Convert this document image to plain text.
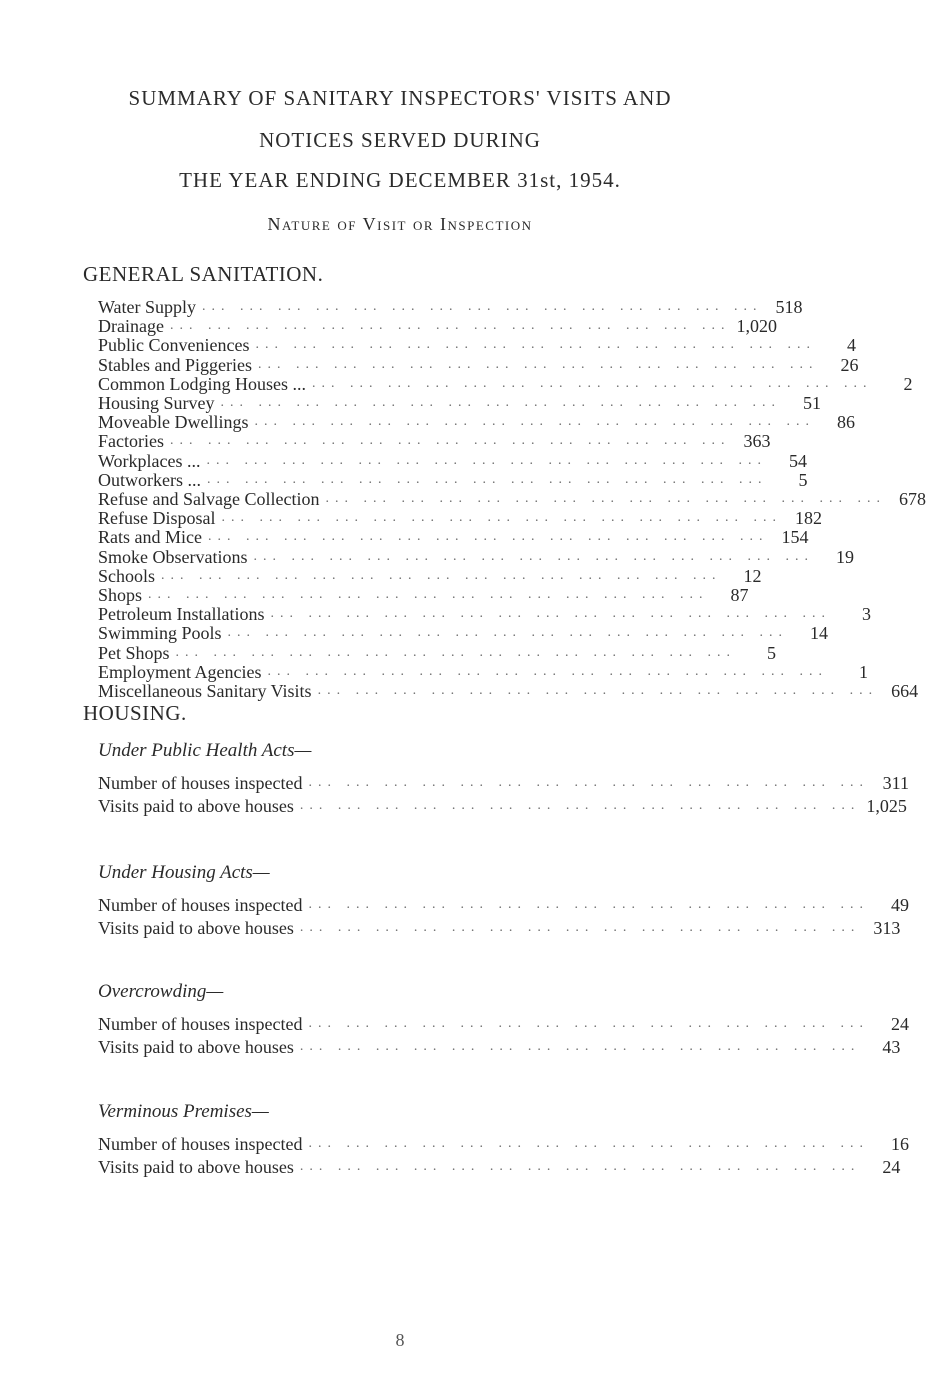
SUMMARY OF SANITARY INSPECTORS' VISITS AND
NOTICES SERVED DURING
THE YEAR ENDING DECEMBER 31st, 1954.
Nature of Visit or Inspection
GENERAL SANITATION.
Water Supply ... ... ... ... ... ... ... ... ... ... ... ... ... ... ... 518
Drainage ... ... ... ... ... ... ... ... ... ... ... ... ... ... ... 1,020
Public Conveniences ... ... ... ... ... ... ... ... ... ... ... ... ... ... ...	4
Stables and Piggeries ... ... ... ... ... ... ... ... ... ... ... ... ... ... ...	26
Common Lodging Houses ... ... ... ... ... ... ... ... ... ... ... ... ... ... ... ...	2
Housing Survey ... ... ... ... ... ... ... ... ... ... ... ... ... ... ...	51
Moveable Dwellings ... ... ... ... ... ... ... ... ... ... ... ... ... ... ...	86
Factories ... ... ... ... ... ... ... ... ... ... ... ... ... ... ... 363
Workplaces ... ... ... ... ... ... ... ... ... ... ... ... ... ... ... ...	54
Outworkers ... ... ... ... ... ... ... ... ... ... ... ... ... ... ... ...	5
Refuse and Salvage Collection ... ... ... ... ... ... ... ... ... ... ... ... ... ... ... 678
Refuse Disposal ... ... ... ... ... ... ... ... ... ... ... ... ... ... ... 182
Rats and Mice ... ... ... ... ... ... ... ... ... ... ... ... ... ... ... 154
Smoke Observations ... ... ... ... ... ... ... ... ... ... ... ... ... ... ...	19
Schools ... ... ... ... ... ... ... ... ... ... ... ... ... ... ...	12
Shops ... ... ... ... ... ... ... ... ... ... ... ... ... ... ...	87
Petroleum Installations ... ... ... ... ... ... ... ... ... ... ... ... ... ... ...	3
Swimming Pools ... ... ... ... ... ... ... ... ... ... ... ... ... ... ...	14
Pet Shops ... ... ... ... ... ... ... ... ... ... ... ... ... ... ...	5
Employment Agencies ... ... ... ... ... ... ... ... ... ... ... ... ... ... ...	1
Miscellaneous Sanitary Visits ... ... ... ... ... ... ... ... ... ... ... ... ... ... ... 664
HOUSING.
Under Public Health Acts—
Number of houses inspected ... ... ... ... ... ... ... ... ... ... ... ... ... ... ... 311
Visits paid to above houses ... ... ... ... ... ... ... ... ... ... ... ... ... ... ... 1,025
Under Housing Acts—
Number of houses inspected ... ... ... ... ... ... ... ... ... ... ... ... ... ... ...	49
Visits paid to above houses ... ... ... ... ... ... ... ... ... ... ... ... ... ... ... 313
Overcrowding—
Number of houses inspected ... ... ... ... ... ... ... ... ... ... ... ... ... ... ...	24
Visits paid to above houses ... ... ... ... ... ... ... ... ... ... ... ... ... ... ...	43
Verminous Premises—
Number of houses inspected ... ... ... ... ... ... ... ... ... ... ... ... ... ... ...	16
Visits paid to above houses ... ... ... ... ... ... ... ... ... ... ... ... ... ... ...	24
8
